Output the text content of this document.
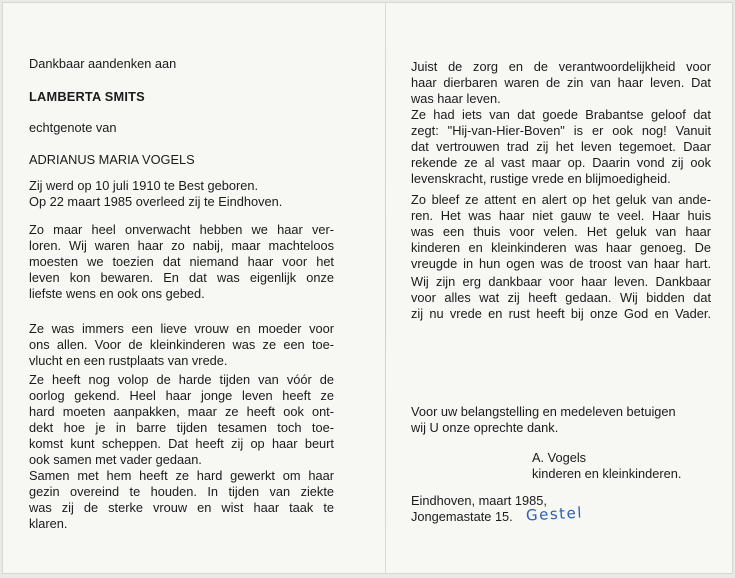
Dankbaar aandenken aan
LAMBERTA SMITS
echtgenote van
ADRIANUS MARIA VOGELS
Zij werd op 10 juli 1910 te Best geboren.
Op 22 maart 1985 overleed zij te Eindhoven.
Zo maar heel onverwacht hebben we haar ver-
loren. Wij waren haar zo nabij, maar machteloos
moesten we toezien dat niemand haar voor het
leven kon bewaren. En dat was eigenlijk onze
liefste wens en ook ons gebed.
Ze was immers een lieve vrouw en moeder voor
ons allen. Voor de kleinkinderen was ze een toe-
vlucht en een rustplaats van vrede.
Ze heeft nog volop de harde tijden van vóór de
oorlog gekend. Heel haar jonge leven heeft ze
hard moeten aanpakken, maar ze heeft ook ont-
dekt hoe je in barre tijden tesamen toch toe-
komst kunt scheppen. Dat heeft zij op haar beurt
ook samen met vader gedaan.
Samen met hem heeft ze hard gewerkt om haar
gezin overeind te houden. In tijden van ziekte
was zij de sterke vrouw en wist haar taak te
klaren.
Juist de zorg en de verantwoordelijkheid voor
haar dierbaren waren de zin van haar leven. Dat
was haar leven.
Ze had iets van dat goede Brabantse geloof dat
zegt: "Hij-van-Hier-Boven" is er ook nog! Vanuit
dat vertrouwen trad zij het leven tegemoet. Daar
rekende ze al vast maar op. Daarin vond zij ook
levenskracht, rustige vrede en blijmoedigheid.
Zo bleef ze attent en alert op het geluk van ande-
ren. Het was haar niet gauw te veel. Haar huis
was een thuis voor velen. Het geluk van haar
kinderen en kleinkinderen was haar genoeg. De
vreugde in hun ogen was de troost van haar hart.
Wij zijn erg dankbaar voor haar leven. Dankbaar
voor alles wat zij heeft gedaan. Wij bidden dat
zij nu vrede en rust heeft bij onze God en Vader.
Voor uw belangstelling en medeleven betuigen
wij U onze oprechte dank.
A. Vogels
kinderen en kleinkinderen.
Eindhoven, maart 1985,
Jongemastate 15. Gestel
